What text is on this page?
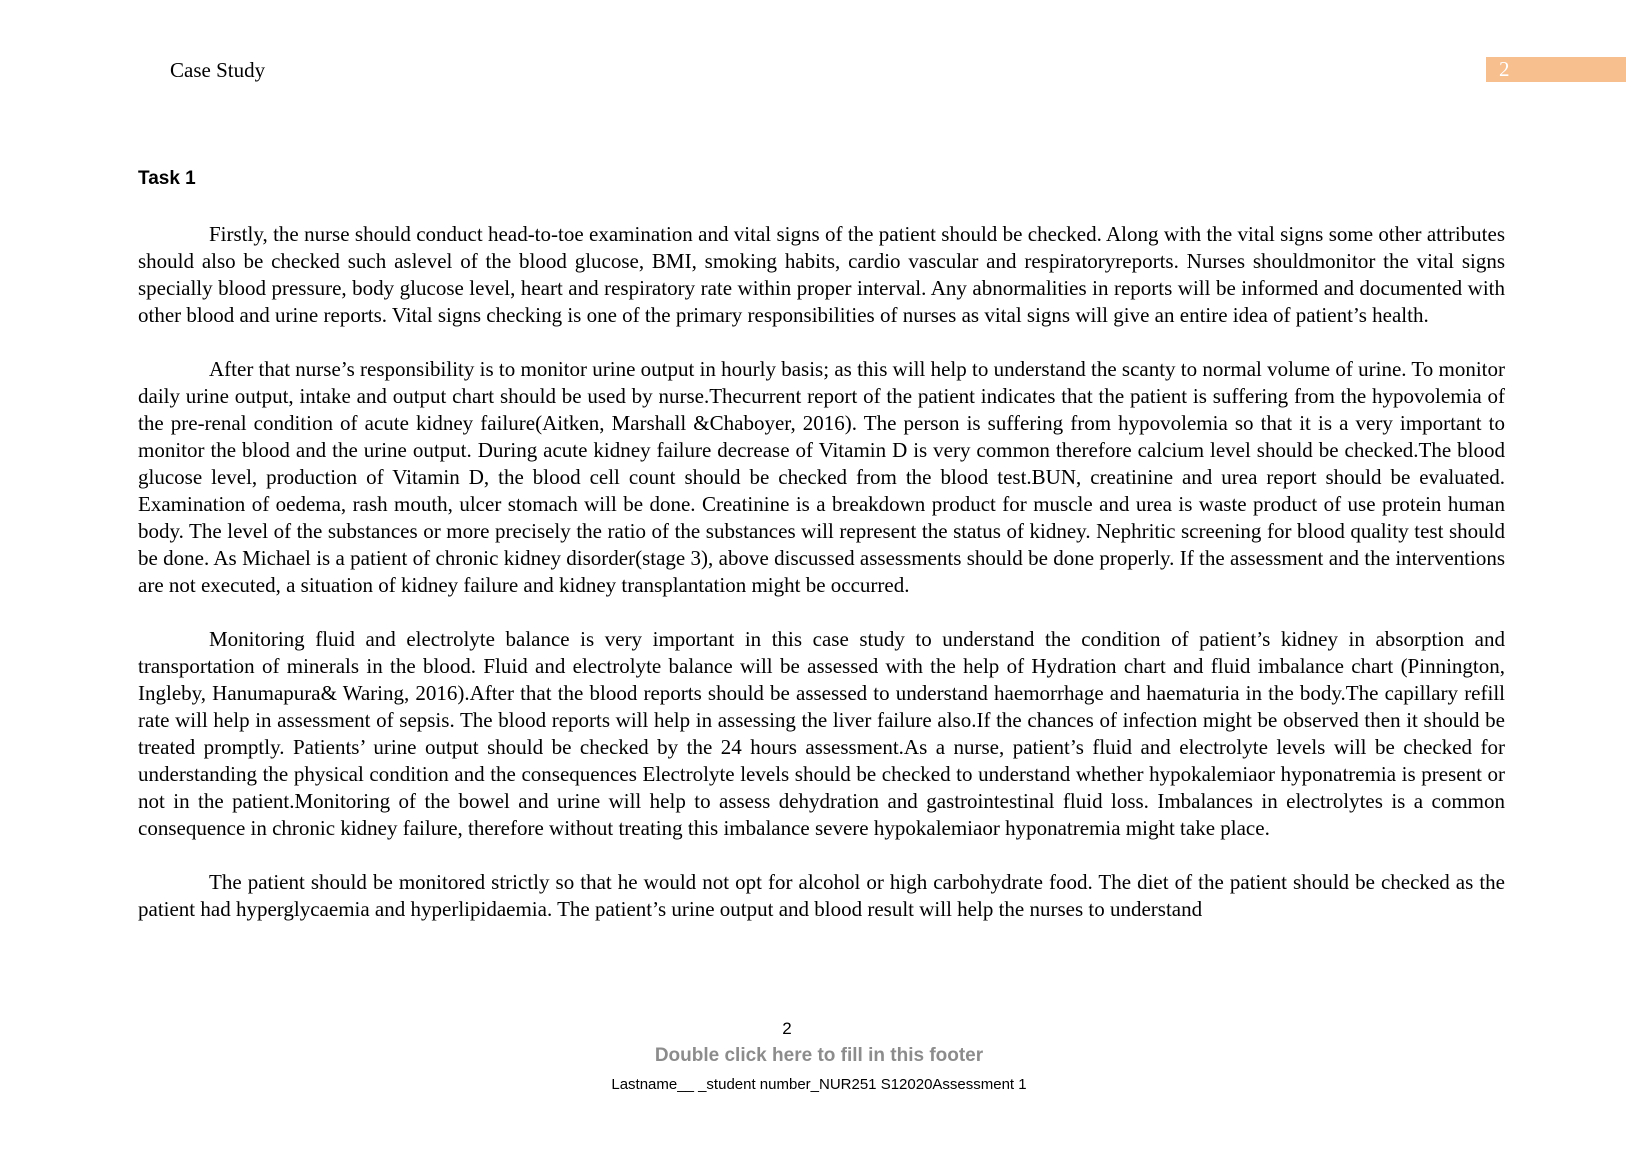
Case Study	2
Task 1

Firstly, the nurse should conduct head-to-toe examination and vital signs of the patient should be checked. Along with the vital signs some other attributes should also be checked such aslevel of the blood glucose, BMI, smoking habits, cardio vascular and respiratoryreports. Nurses shouldmonitor the vital signs specially blood pressure, body glucose level, heart and respiratory rate within proper interval. Any abnormalities in reports will be informed and documented with other blood and urine reports. Vital signs checking is one of the primary responsibilities of nurses as vital signs will give an entire idea of patient’s health.

After that nurse’s responsibility is to monitor urine output in hourly basis; as this will help to understand the scanty to normal volume of urine. To monitor daily urine output, intake and output chart should be used by nurse.Thecurrent report of the patient indicates that the patient is suffering from the hypovolemia of the pre-renal condition of acute kidney failure(Aitken, Marshall &Chaboyer, 2016). The person is suffering from hypovolemia so that it is a very important to monitor the blood and the urine output. During acute kidney failure decrease of Vitamin D is very common therefore calcium level should be checked.The blood glucose level, production of Vitamin D, the blood cell count should be checked from the blood test.BUN, creatinine and urea report should be evaluated. Examination of oedema, rash mouth, ulcer stomach will be done. Creatinine is a breakdown product for muscle and urea is waste product of use protein human body. The level of the substances or more precisely the ratio of the substances will represent the status of kidney. Nephritic screening for blood quality test should be done. As Michael is a patient of chronic kidney disorder(stage 3), above discussed assessments should be done properly. If the assessment and the interventions are not executed, a situation of kidney failure and kidney transplantation might be occurred.

Monitoring fluid and electrolyte balance is very important in this case study to understand the condition of patient’s kidney in absorption and transportation of minerals in the blood. Fluid and electrolyte balance will be assessed with the help of Hydration chart and fluid imbalance chart (Pinnington, Ingleby, Hanumapura& Waring, 2016).After that the blood reports should be assessed to understand haemorrhage and haematuria in the body.The capillary refill rate will help in assessment of sepsis. The blood reports will help in assessing the liver failure also.If the chances of infection might be observed then it should be treated promptly. Patients’ urine output should be checked by the 24 hours assessment.As a nurse, patient’s fluid and electrolyte levels will be checked for understanding the physical condition and the consequences Electrolyte levels should be checked to understand whether hypokalemiaor hyponatremia is present or not in the patient.Monitoring of the bowel and urine will help to assess dehydration and gastrointestinal fluid loss. Imbalances in electrolytes is a common consequence in chronic kidney failure, therefore without treating this imbalance severe hypokalemiaor hyponatremia might take place.

The patient should be monitored strictly so that he would not opt for alcohol or high carbohydrate food. The diet of the patient should be checked as the patient had hyperglycaemia and hyperlipidaemia. The patient’s urine output and blood result will help the nurses to understand

2
Double click here to fill in this footer
Lastname__ _student number_NUR251 S12020Assessment 1
